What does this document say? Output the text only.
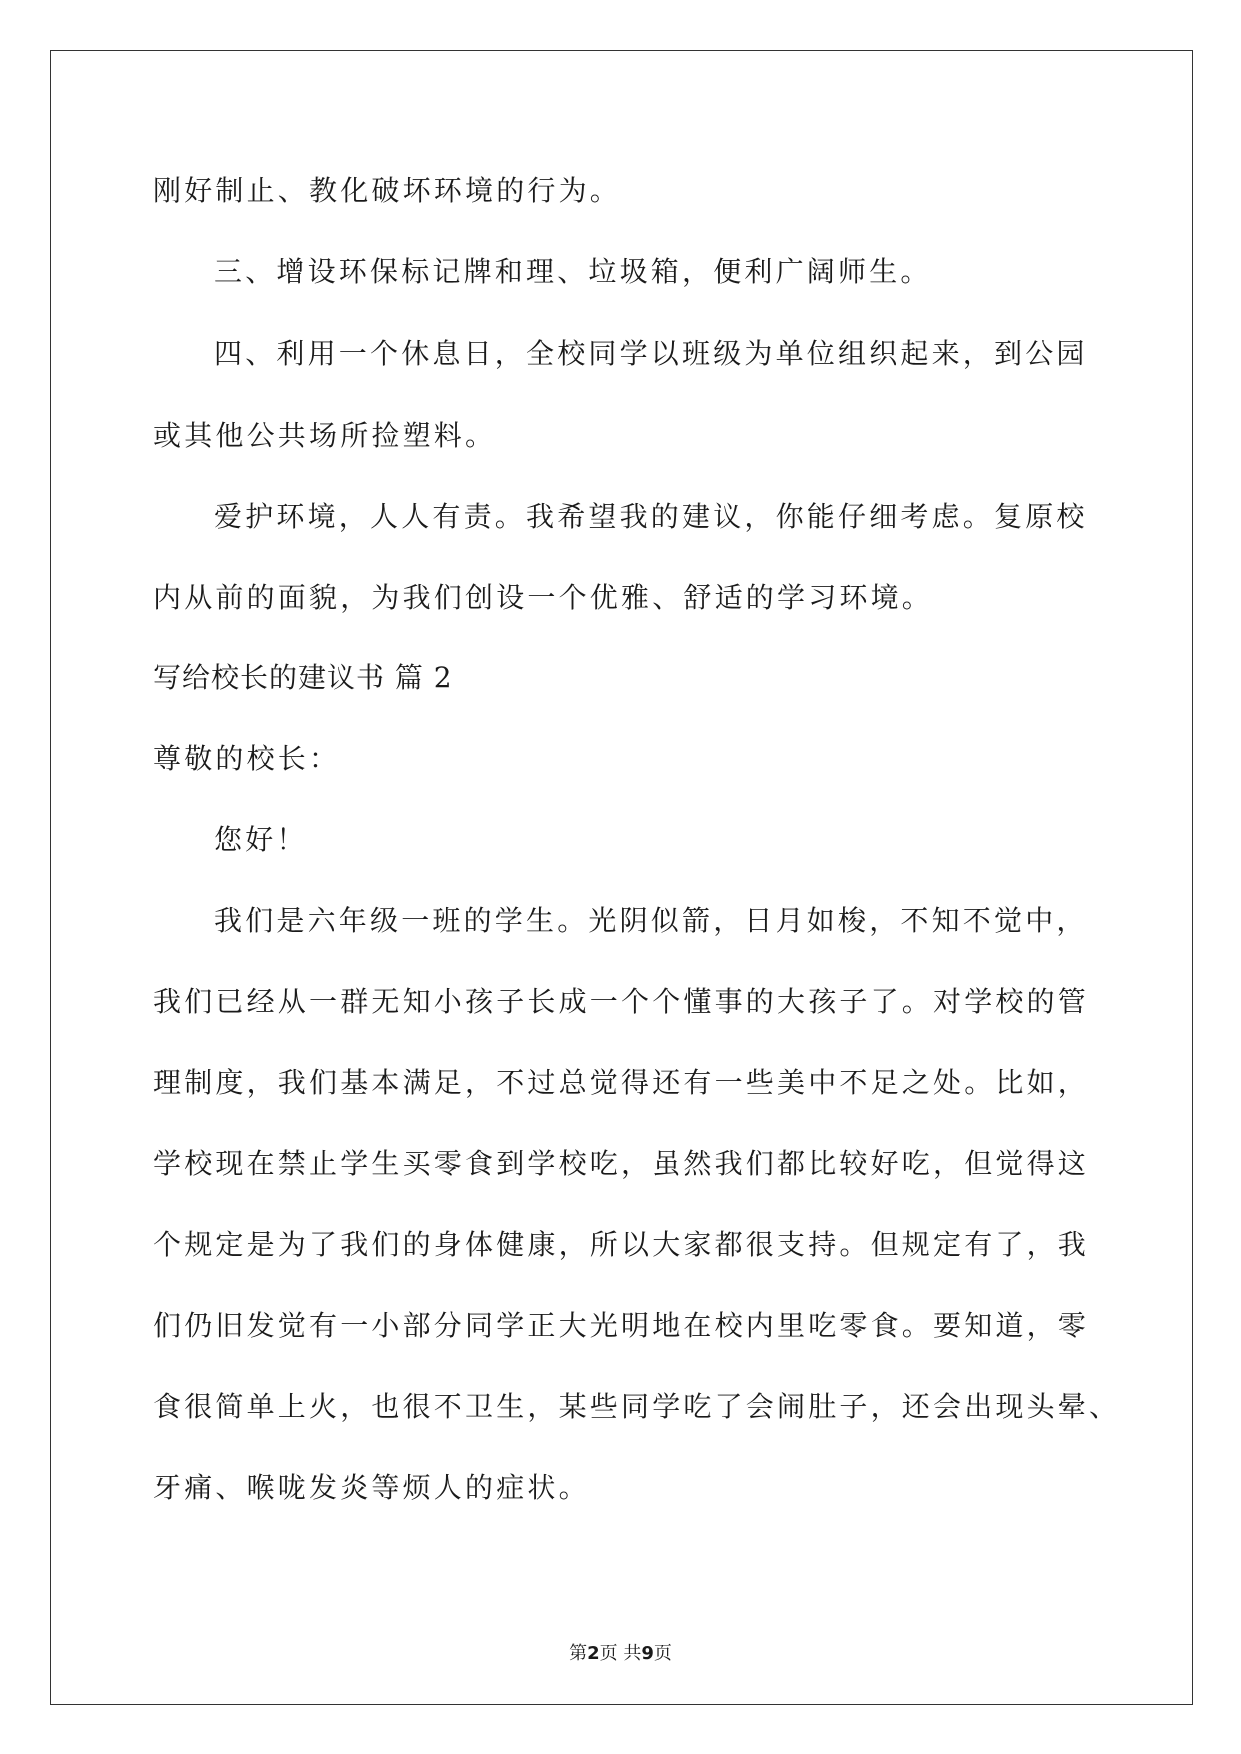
刚好制止、教化破坏环境的行为。
三、增设环保标记牌和理、垃圾箱，便利广阔师生。
四、利用一个休息日，全校同学以班级为单位组织起来，到公园
或其他公共场所捡塑料。
爱护环境，人人有责。我希望我的建议，你能仔细考虑。复原校
内从前的面貌，为我们创设一个优雅、舒适的学习环境。
写给校长的建议书 篇 2
尊敬的校长：
您好！
我们是六年级一班的学生。光阴似箭，日月如梭，不知不觉中，
我们已经从一群无知小孩子长成一个个懂事的大孩子了。对学校的管
理制度，我们基本满足，不过总觉得还有一些美中不足之处。比如，
学校现在禁止学生买零食到学校吃，虽然我们都比较好吃，但觉得这
个规定是为了我们的身体健康，所以大家都很支持。但规定有了，我
们仍旧发觉有一小部分同学正大光明地在校内里吃零食。要知道，零
食很简单上火，也很不卫生，某些同学吃了会闹肚子，还会出现头晕、
牙痛、喉咙发炎等烦人的症状。
第2页 共9页
